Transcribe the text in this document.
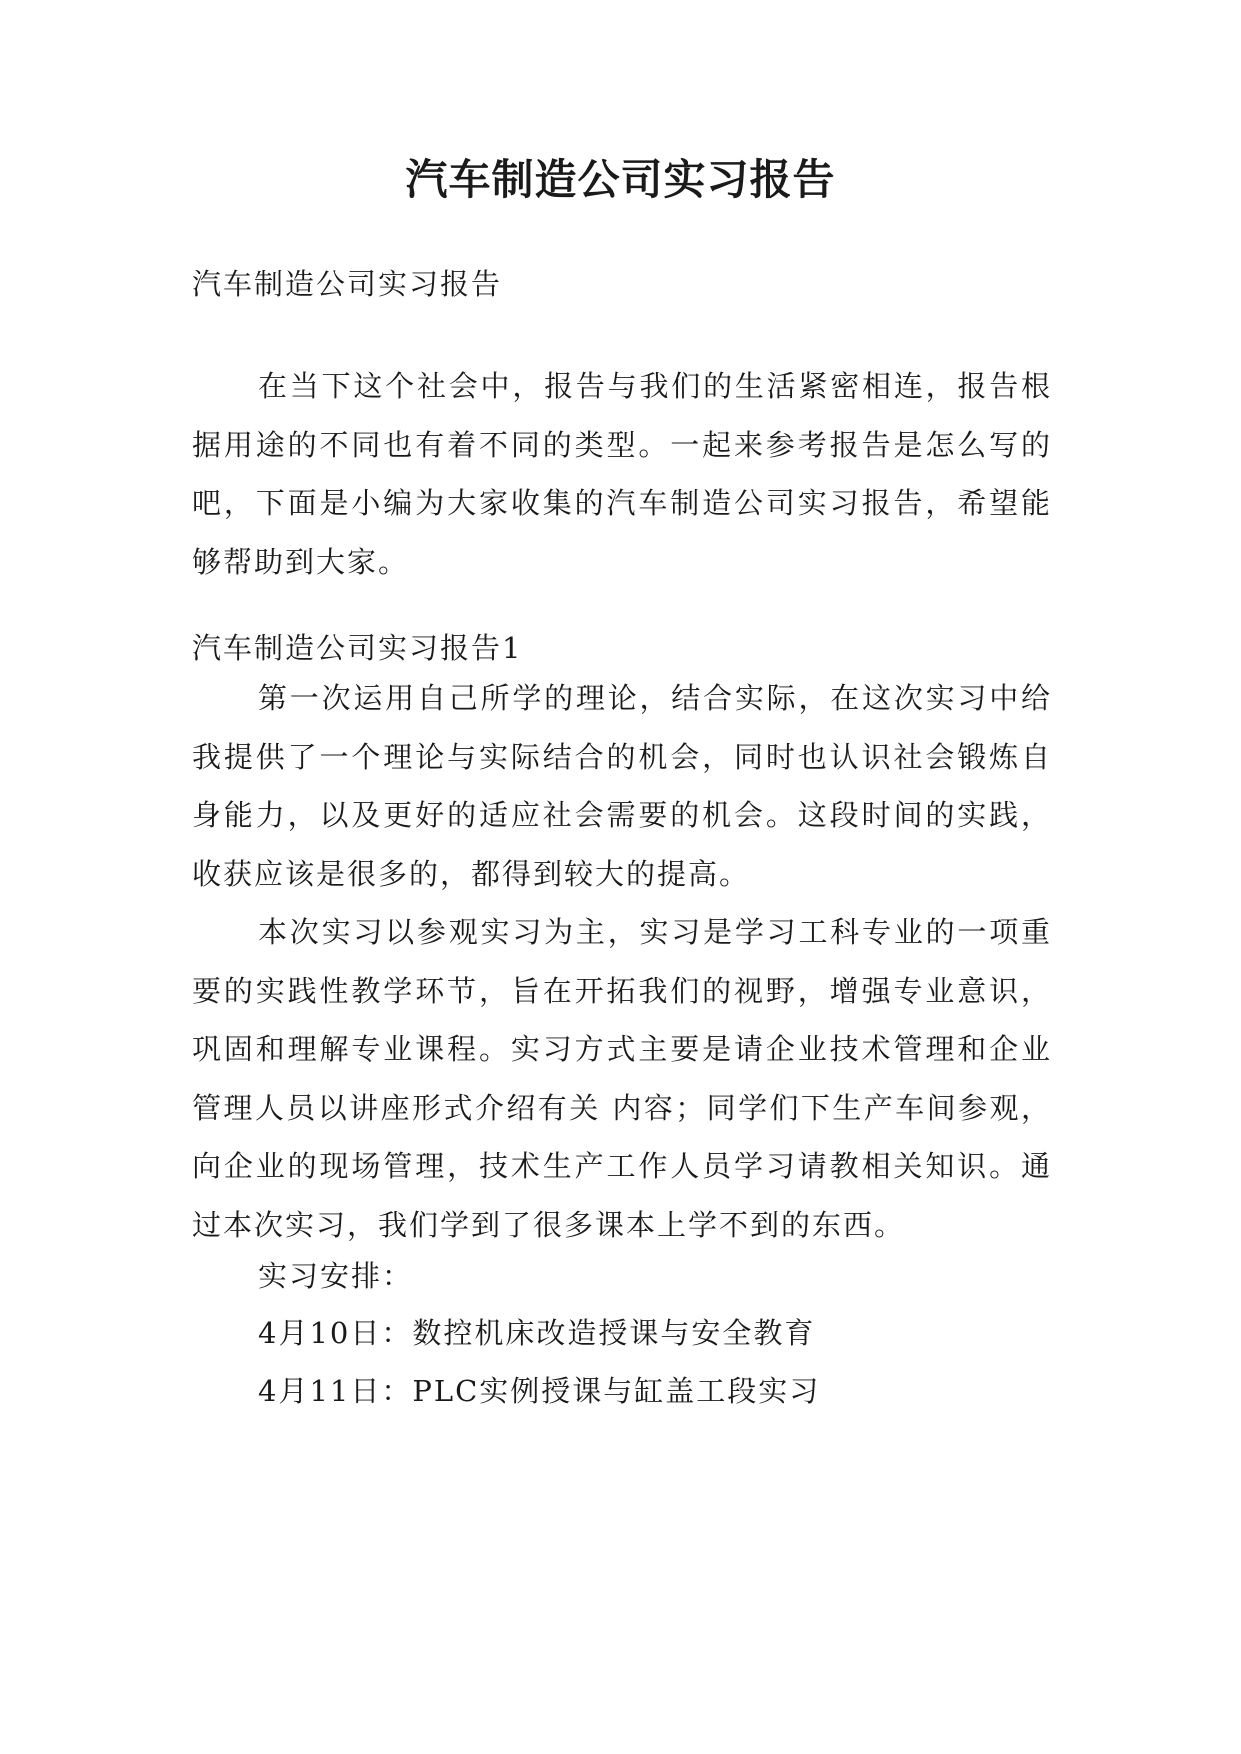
汽车制造公司实习报告

汽车制造公司实习报告

在当下这个社会中，报告与我们的生活紧密相连，报告根据用途的不同也有着不同的类型。一起来参考报告是怎么写的吧，下面是小编为大家收集的汽车制造公司实习报告，希望能够帮助到大家。

汽车制造公司实习报告1

第一次运用自己所学的理论，结合实际，在这次实习中给我提供了一个理论与实际结合的机会，同时也认识社会锻炼自身能力，以及更好的适应社会需要的机会。这段时间的实践，收获应该是很多的，都得到较大的提高。

本次实习以参观实习为主，实习是学习工科专业的一项重要的实践性教学环节，旨在开拓我们的视野，增强专业意识，巩固和理解专业课程。实习方式主要是请企业技术管理和企业管理人员以讲座形式介绍有关 内容；同学们下生产车间参观，向企业的现场管理，技术生产工作人员学习请教相关知识。通过本次实习，我们学到了很多课本上学不到的东西。

实习安排：

4月10日：数控机床改造授课与安全教育

4月11日：PLC实例授课与缸盖工段实习
